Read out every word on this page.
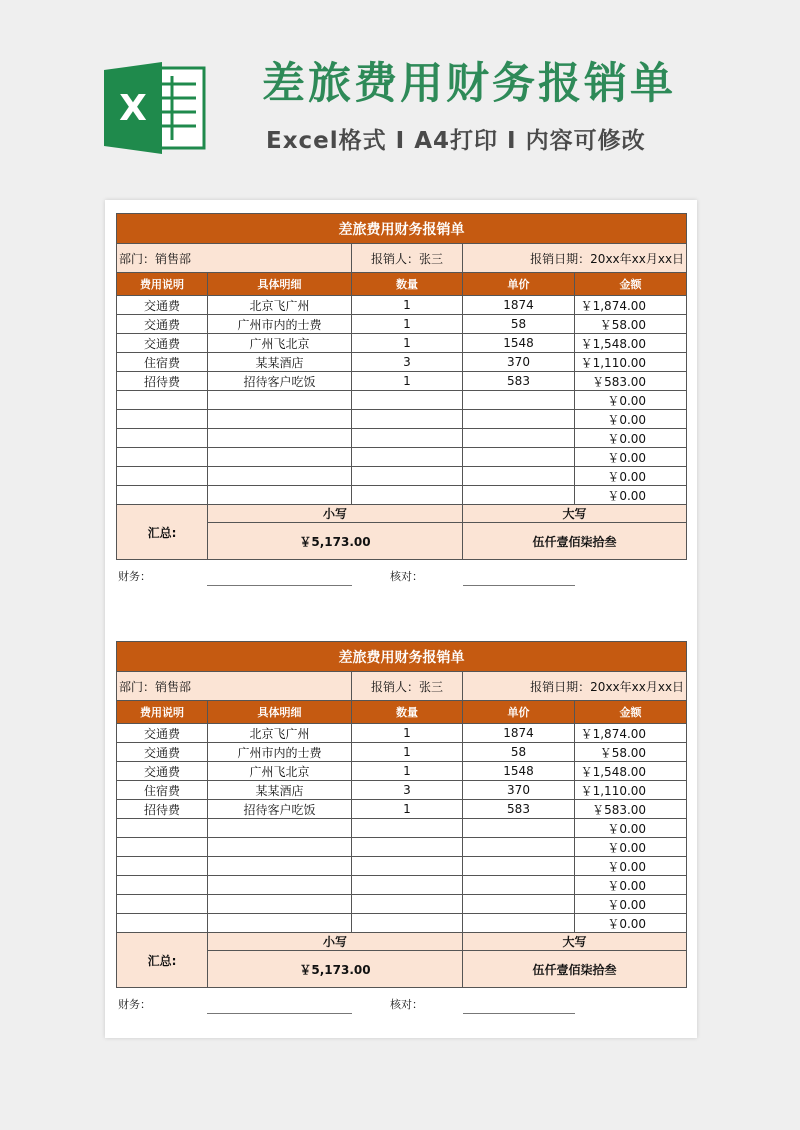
X	差旅费用财务报销单

Excel格式 I A4打印 I 内容可修改

差旅费用财务报销单				
部门：销售部		报销人：张三	报销日期：20xx年xx月xx日	
费用说明	具体明细	数量	单价	金额
交通费	北京飞广州	1	1874	￥1,874.00
交通费	广州市内的士费	1	58	￥58.00
交通费	广州飞北京	1	1548	￥1,548.00
住宿费	某某酒店	3	370	￥1,110.00
招待费	招待客户吃饭	1	583	￥583.00
				￥0.00
				￥0.00
				￥0.00
				￥0.00
				￥0.00
				￥0.00
汇总:	小写		大写	
	￥5,173.00		伍仟壹佰柒拾叁	
财务：	核对：
差旅费用财务报销单				
部门：销售部		报销人：张三	报销日期：20xx年xx月xx日	
费用说明	具体明细	数量	单价	金额
交通费	北京飞广州	1	1874	￥1,874.00
交通费	广州市内的士费	1	58	￥58.00
交通费	广州飞北京	1	1548	￥1,548.00
住宿费	某某酒店	3	370	￥1,110.00
招待费	招待客户吃饭	1	583	￥583.00
				￥0.00
				￥0.00
				￥0.00
				￥0.00
				￥0.00
				￥0.00
汇总:	小写		大写	
	￥5,173.00		伍仟壹佰柒拾叁	
财务：	核对：
